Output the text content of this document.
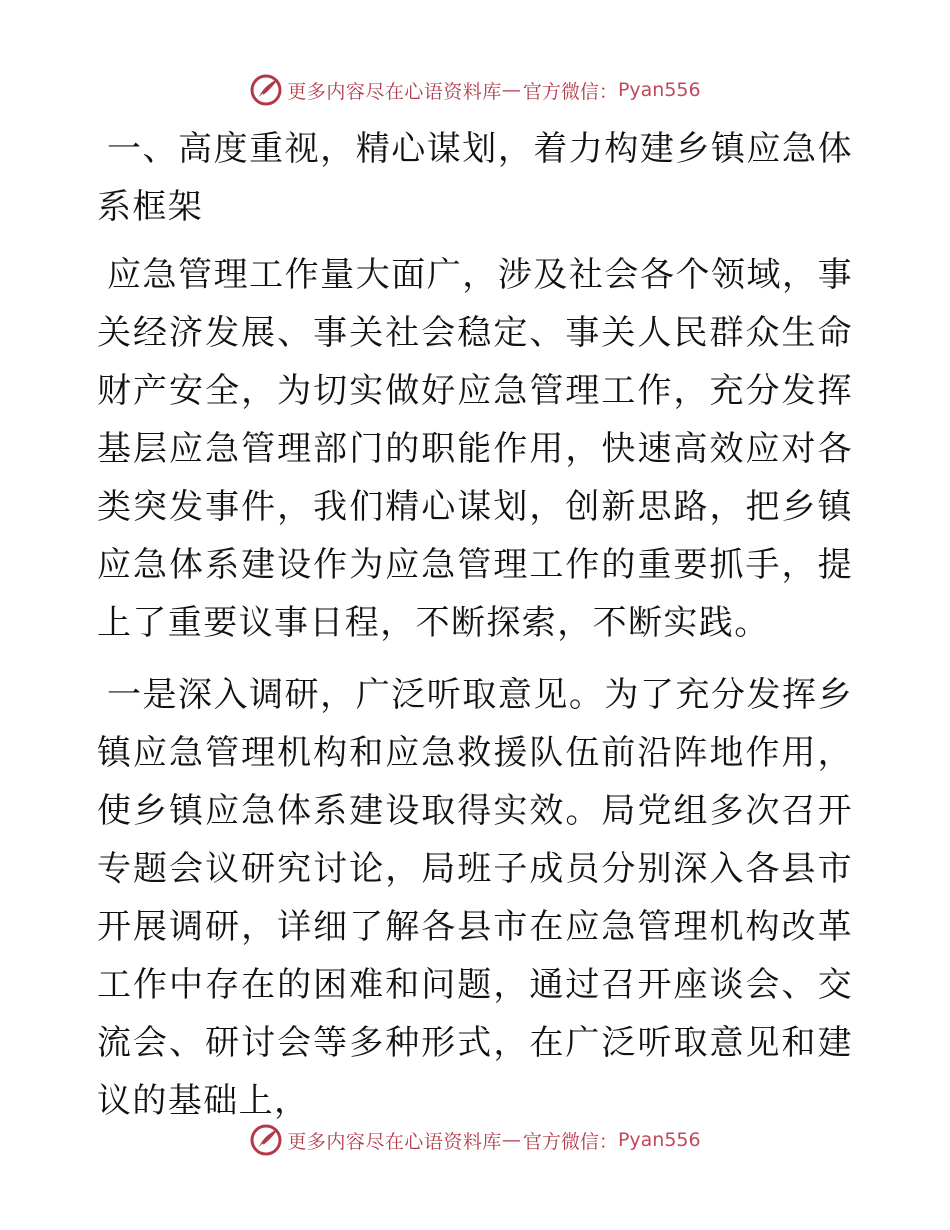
更多内容尽在心语资料库 — 官方微信： Pyan556

一、高度重视，精心谋划，着力构建乡镇应急体系框架

应急管理工作量大面广，涉及社会各个领域，事关经济发展、事关社会稳定、事关人民群众生命财产安全，为切实做好应急管理工作，充分发挥基层应急管理部门的职能作用，快速高效应对各类突发事件，我们精心谋划，创新思路，把乡镇应急体系建设作为应急管理工作的重要抓手，提上了重要议事日程，不断探索，不断实践。

一是深入调研，广泛听取意见。为了充分发挥乡镇应急管理机构和应急救援队伍前沿阵地作用，使乡镇应急体系建设取得实效。局党组多次召开专题会议研究讨论，局班子成员分别深入各县市开展调研，详细了解各县市在应急管理机构改革工作中存在的困难和问题，通过召开座谈会、交流会、研讨会等多种形式，在广泛听取意见和建议的基础上，

更多内容尽在心语资料库 — 官方微信： Pyan556
